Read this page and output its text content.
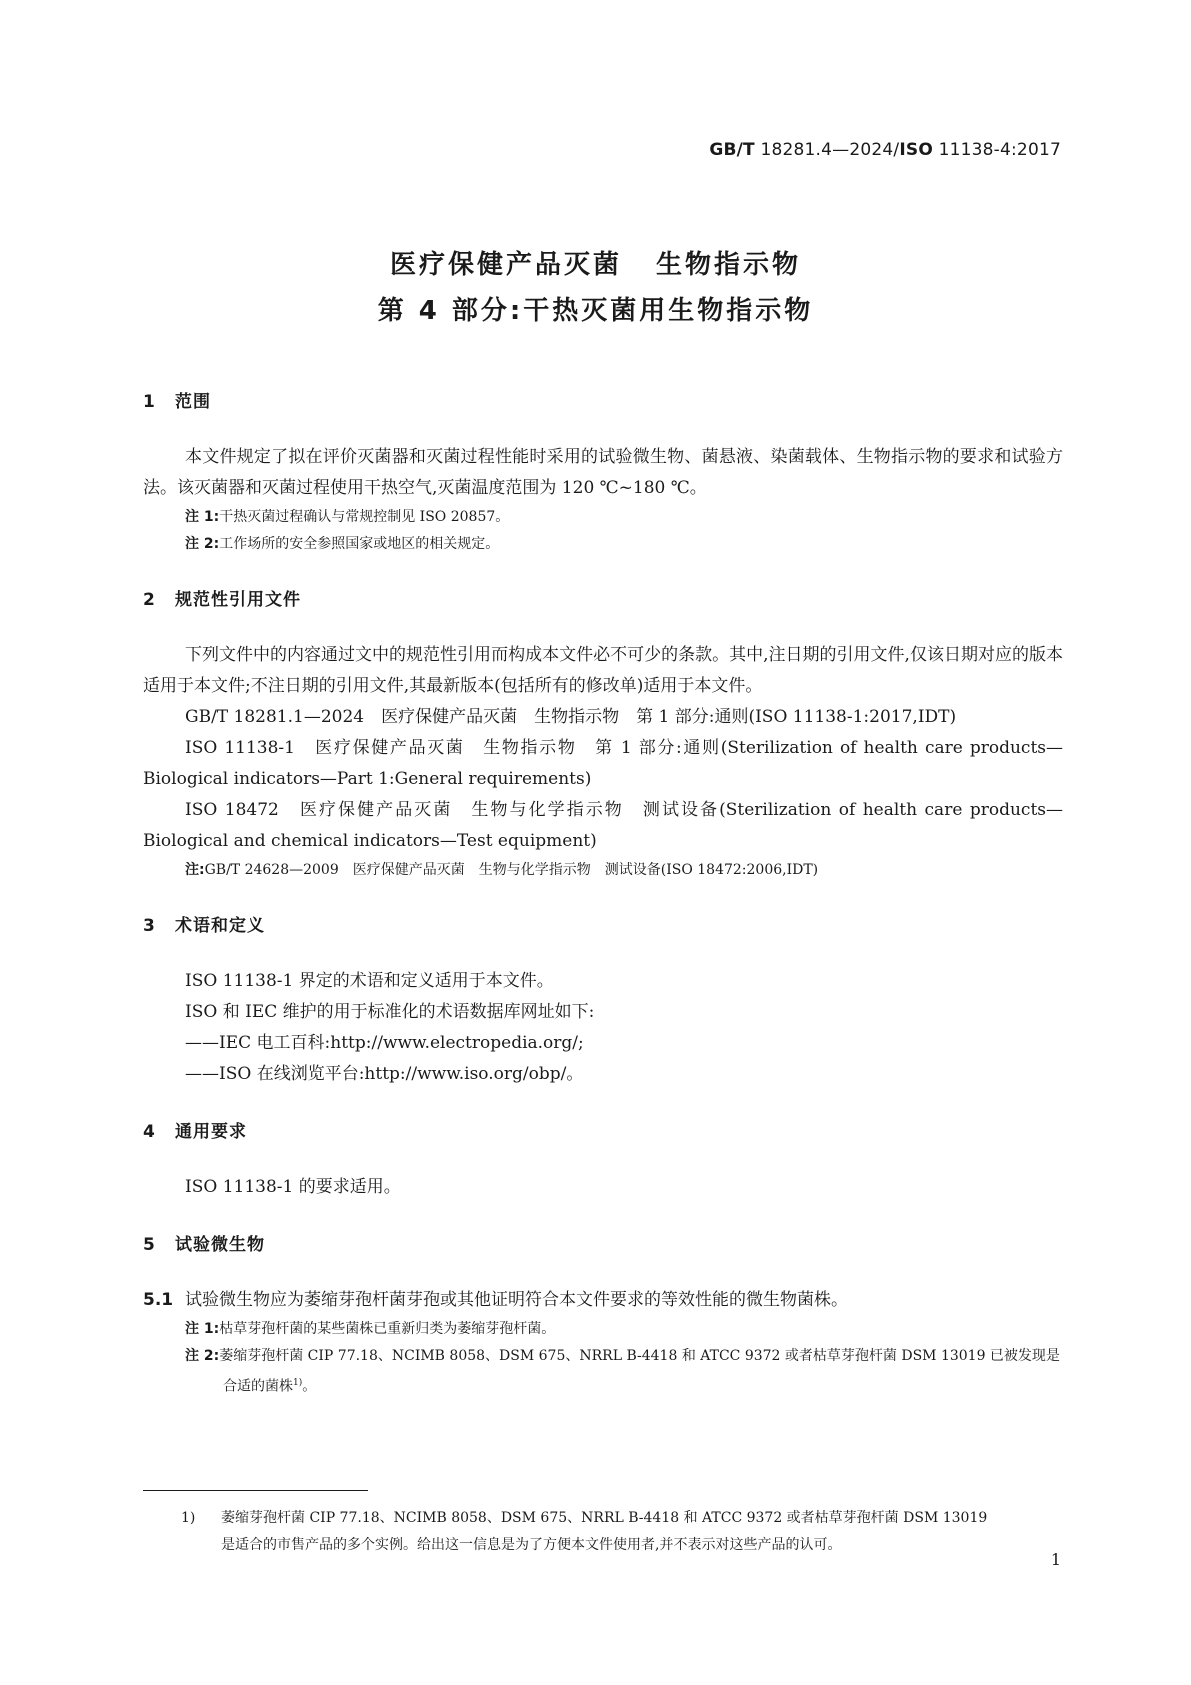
GB/T 18281.4—2024/ISO 11138-4:2017
医疗保健产品灭菌 生物指示物
第 4 部分:干热灭菌用生物指示物
1 范围

本文件规定了拟在评价灭菌器和灭菌过程性能时采用的试验微生物、菌悬液、染菌载体、生物指示物的要求和试验方法。该灭菌器和灭菌过程使用干热空气,灭菌温度范围为 120 ℃~180 ℃。

注 1:干热灭菌过程确认与常规控制见 ISO 20857。
注 2:工作场所的安全参照国家或地区的相关规定。
2 规范性引用文件

下列文件中的内容通过文中的规范性引用而构成本文件必不可少的条款。其中,注日期的引用文件,仅该日期对应的版本适用于本文件;不注日期的引用文件,其最新版本(包括所有的修改单)适用于本文件。

GB/T 18281.1—2024　医疗保健产品灭菌　生物指示物　第 1 部分:通则(ISO 11138-1:2017,IDT)

ISO 11138-1　医疗保健产品灭菌　生物指示物　第 1 部分:通则(Sterilization of health care products—Biological indicators—Part 1:General requirements)

ISO 18472　医疗保健产品灭菌　生物与化学指示物　测试设备(Sterilization of health care products—Biological and chemical indicators—Test equipment)

注:GB/T 24628—2009　医疗保健产品灭菌　生物与化学指示物　测试设备(ISO 18472:2006,IDT)
3 术语和定义

ISO 11138-1 界定的术语和定义适用于本文件。

ISO 和 IEC 维护的用于标准化的术语数据库网址如下:

——IEC 电工百科:http://www.electropedia.org/;

——ISO 在线浏览平台:http://www.iso.org/obp/。

4 通用要求

ISO 11138-1 的要求适用。

5 试验微生物

5.1 试验微生物应为萎缩芽孢杆菌芽孢或其他证明符合本文件要求的等效性能的微生物菌株。

注 1:枯草芽孢杆菌的某些菌株已重新归类为萎缩芽孢杆菌。
注 2:萎缩芽孢杆菌 CIP 77.18、NCIMB 8058、DSM 675、NRRL B-4418 和 ATCC 9372 或者枯草芽孢杆菌 DSM 13019 已被发现是合适的菌株$^{1)}$。
1) 萎缩芽孢杆菌 CIP 77.18、NCIMB 8058、DSM 675、NRRL B-4418 和 ATCC 9372 或者枯草芽孢杆菌 DSM 13019
是适合的市售产品的多个实例。给出这一信息是为了方便本文件使用者,并不表示对这些产品的认可。
1
